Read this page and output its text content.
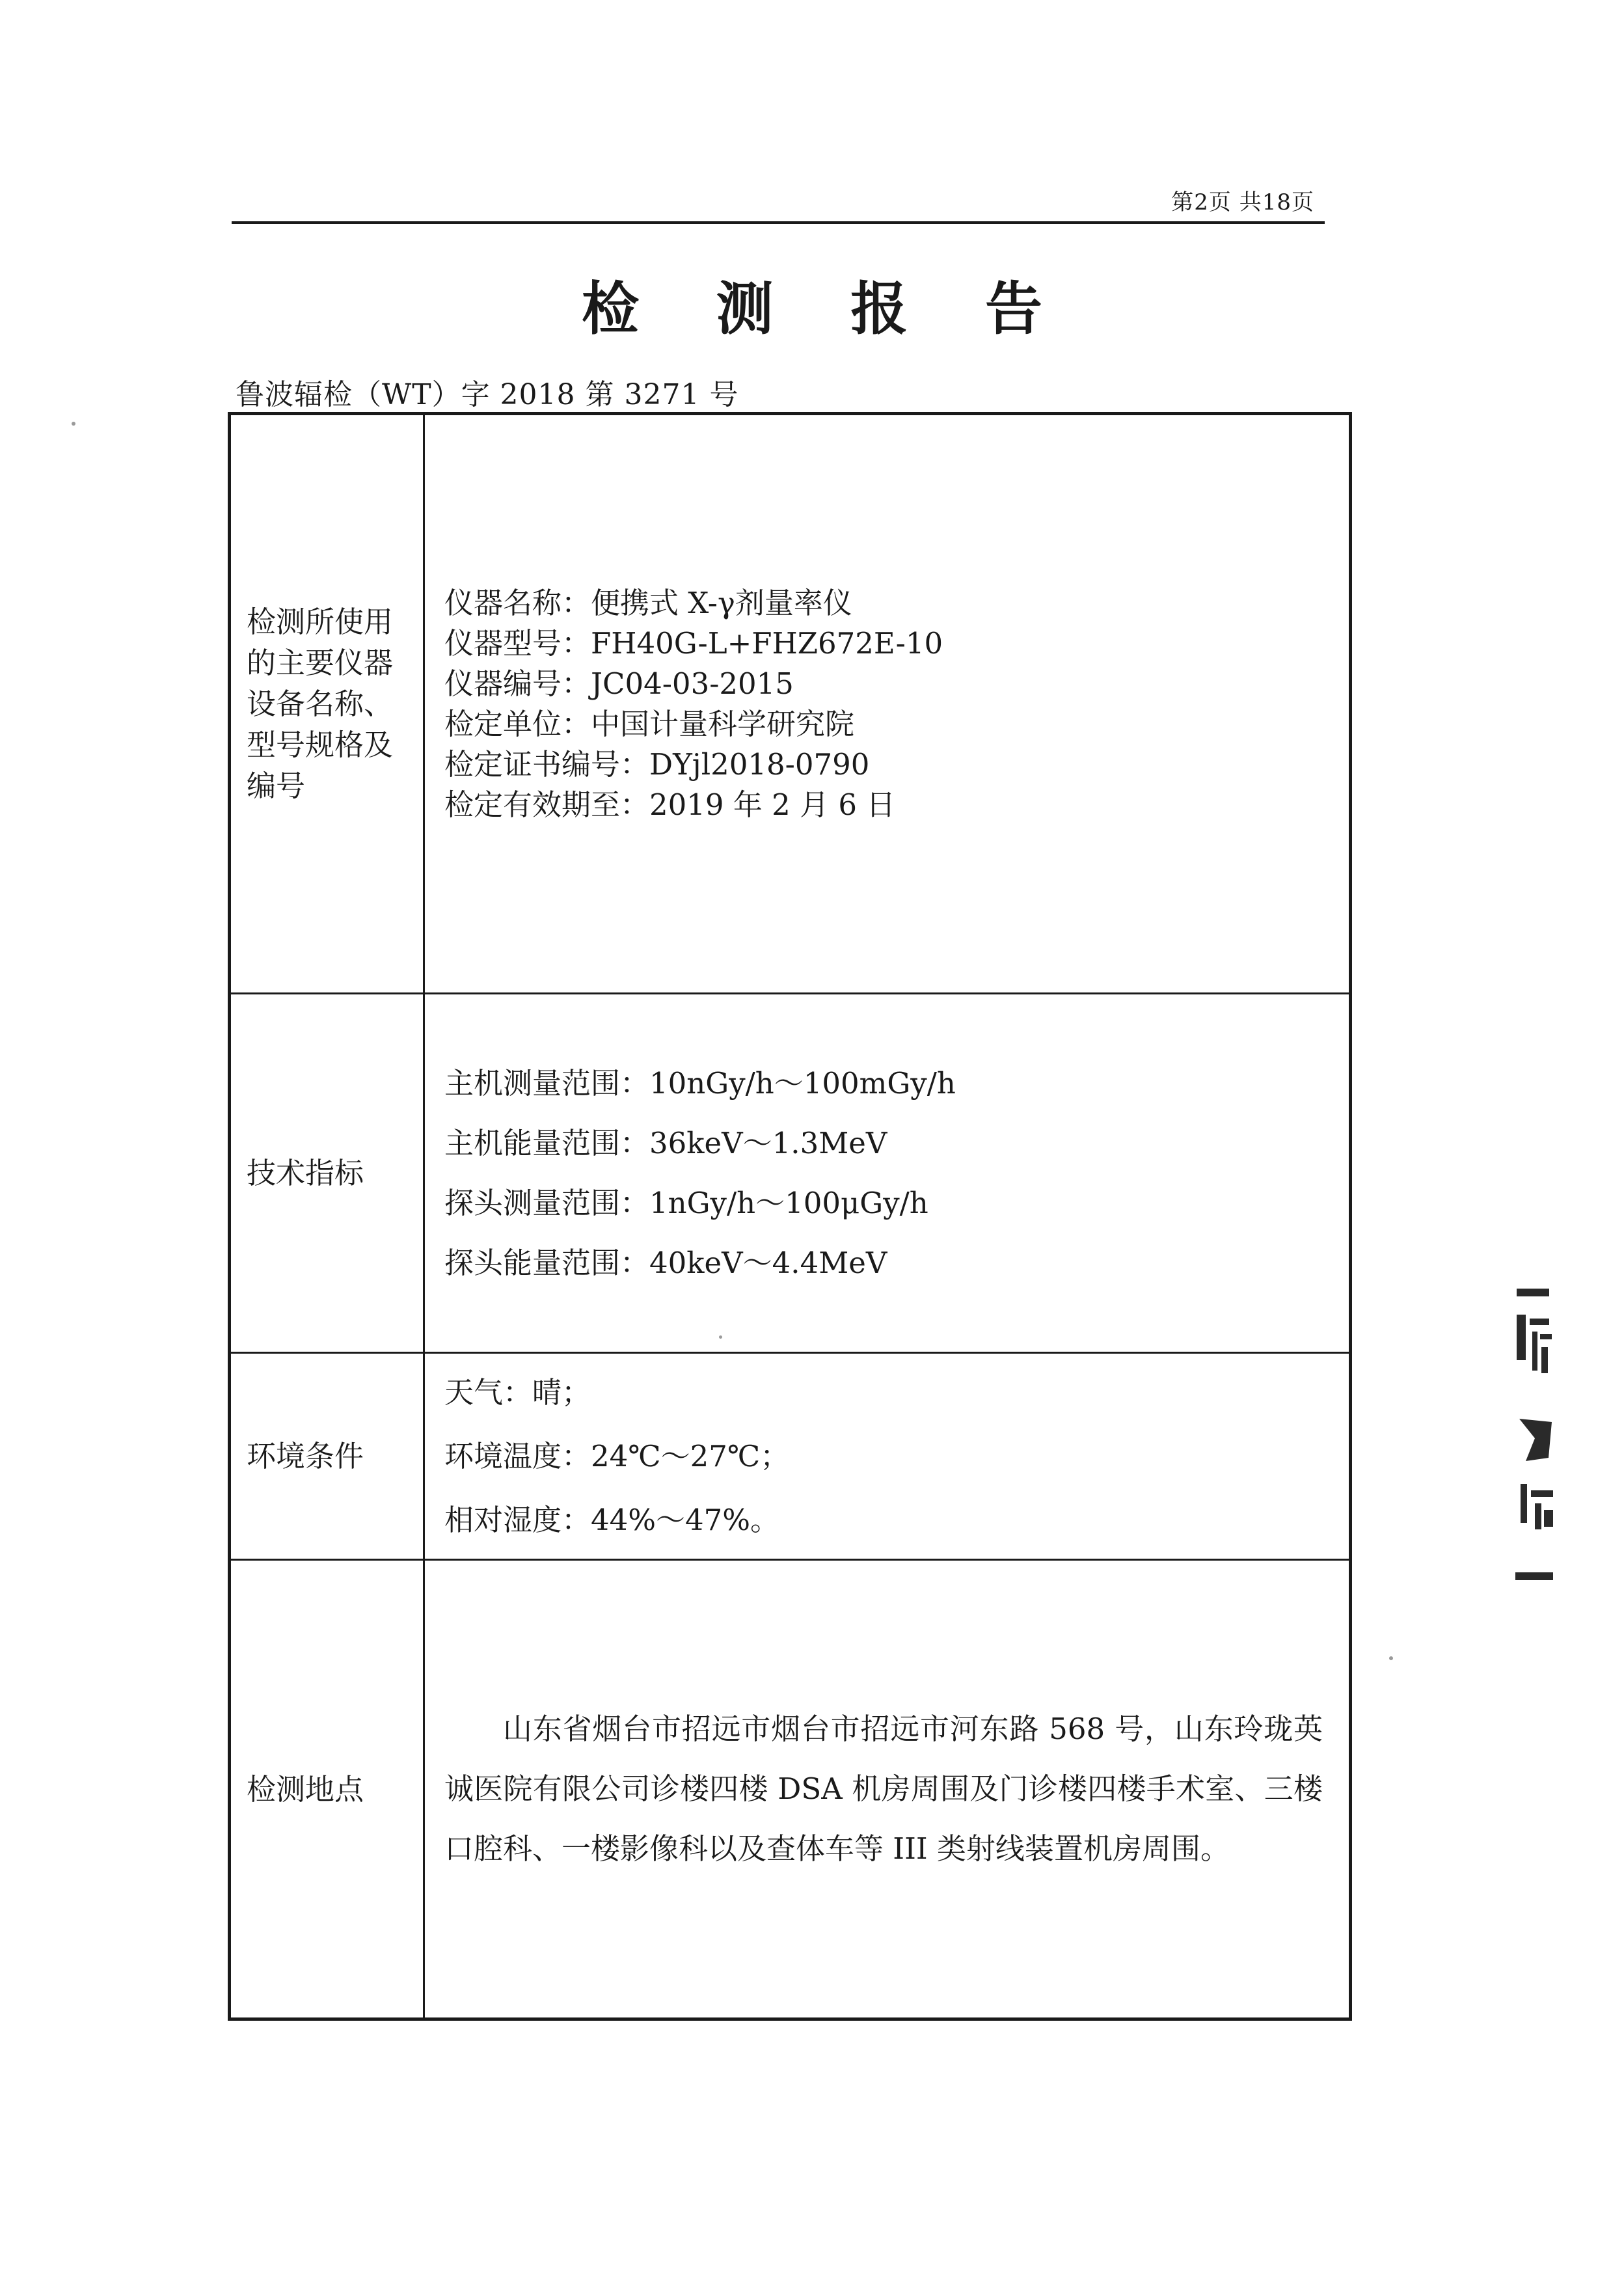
第2页 共18页
检 测 报 告
鲁波辐检（WT）字 2018 第 3271 号
检测所使用
的主要仪器
设备名称、
型号规格及
编号
仪器名称：便携式 X-γ剂量率仪
仪器型号：FH40G-L+FHZ672E-10
仪器编号：JC04-03-2015
检定单位：中国计量科学研究院
检定证书编号：DYjl2018-0790
检定有效期至：2019 年 2 月 6 日
技术指标
主机测量范围：10nGy/h～100mGy/h
主机能量范围：36keV～1.3MeV
探头测量范围：1nGy/h～100μGy/h
探头能量范围：40keV～4.4MeV
环境条件
天气：晴；
环境温度：24℃～27℃；
相对湿度：44%～47%。
检测地点

山东省烟台市招远市烟台市招远市河东路 568 号，山东玲珑英诚医院有限公司诊楼四楼 DSA 机房周围及门诊楼四楼手术室、三楼口腔科、一楼影像科以及查体车等 III 类射线装置机房周围。
